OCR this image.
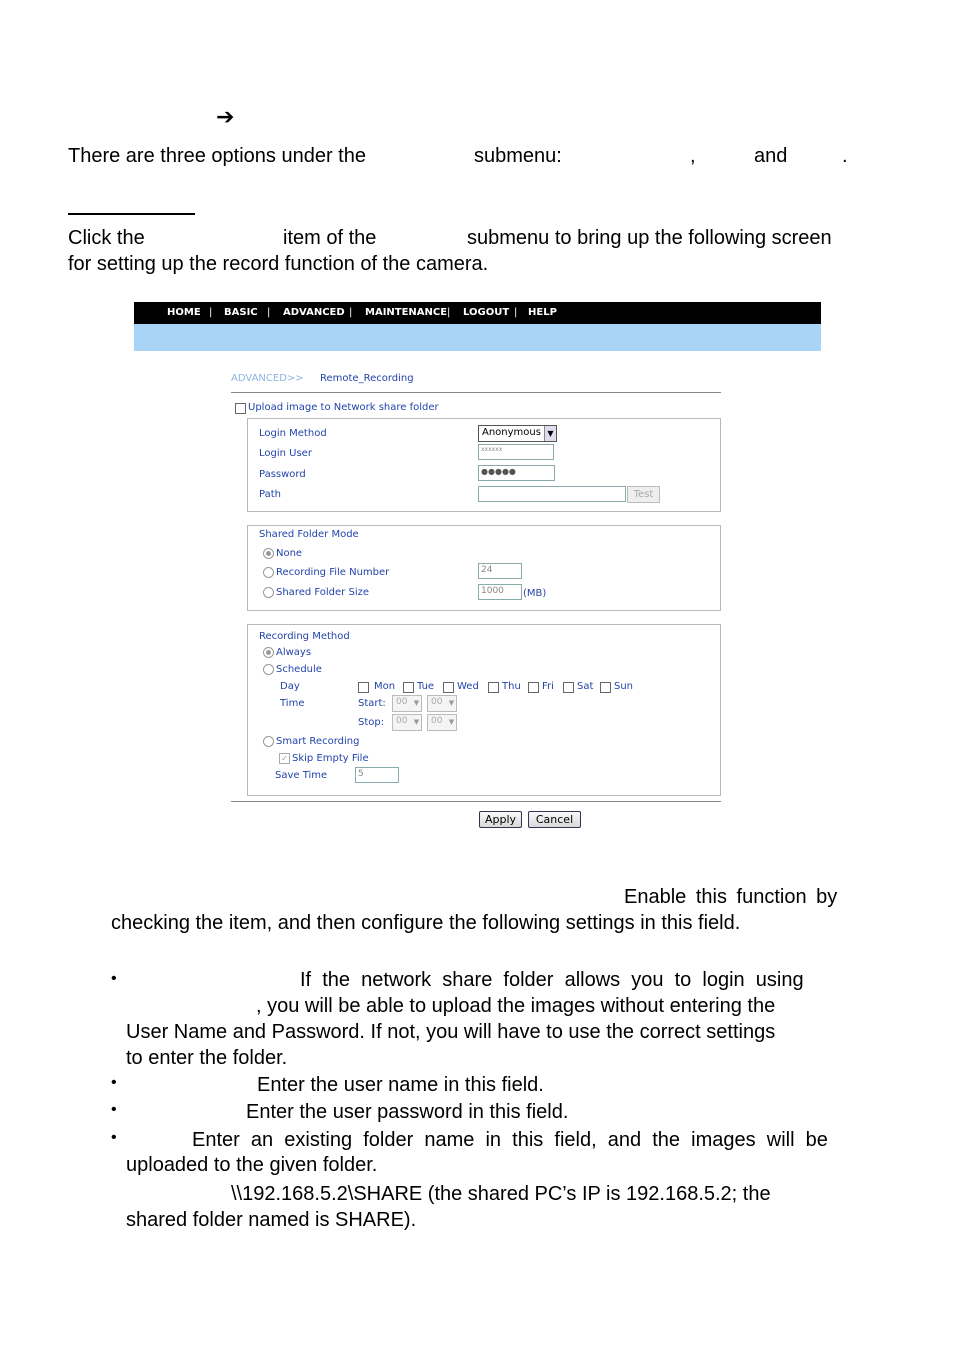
➔
There are three options under the	submenu:	,	and	.
Click the	item of the	submenu to bring up the following screen
for setting up the record function of the camera.
HOME | BASIC | ADVANCED | MAINTENANCE | LOGOUT | HELP
ADVANCED>> Remote_Recording
Upload image to Network share folder
Login Method	Anonymous ▼
Login User	xxxxxx
Password	●●●●●
Path	Test
Shared Folder Mode
None
Recording File Number	24
Shared Folder Size	1000	(MB)
Recording Method
Always
Schedule
Day	Mon Tue Wed Thu Fri Sat Sun
Time	Start:	00 ▼	00 ▼
Stop:	00 ▼	00 ▼
Smart Recording
✓ Skip Empty File
Save Time	5
Apply	Cancel
Enable this function by
checking the item, and then configure the following settings in this field.
•	If  the  network  share  folder  allows  you  to  login  using
, you will be able to upload the images without entering the
User Name and Password. If not, you will have to use the correct settings
to enter the folder.
•	Enter the user name in this field.
•	Enter the user password in this field.
•	Enter  an  existing  folder  name  in  this  field,  and  the  images  will  be
uploaded to the given folder.
\\192.168.5.2\SHARE (the shared PC’s IP is 192.168.5.2; the
shared folder named is SHARE).
